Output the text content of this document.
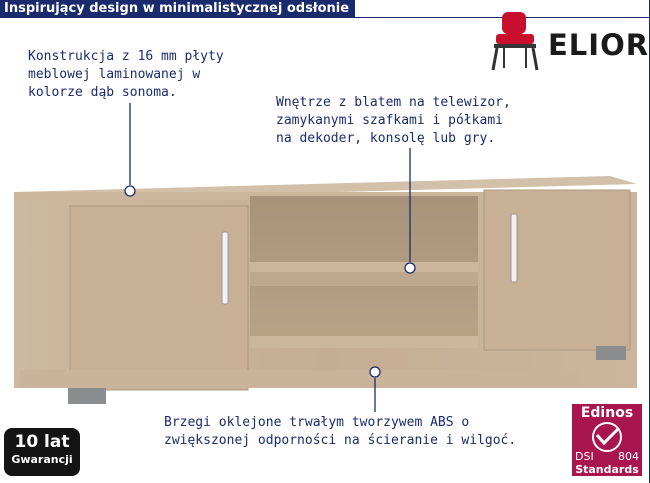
Inspirujący design w minimalistycznej odsłonie
ELIOR
Konstrukcja z 16 mm płyty
meblowej laminowanej w
kolorze dąb sonoma.
Wnętrze z blatem na telewizor,
zamykanymi szafkami i półkami
na dekoder, konsolę lub gry.
Brzegi oklejone trwałym tworzywem ABS o
zwiększonej odporności na ścieranie i wilgoć.
10 lat
Gwarancji
Edinos
DSI 804
Standards
